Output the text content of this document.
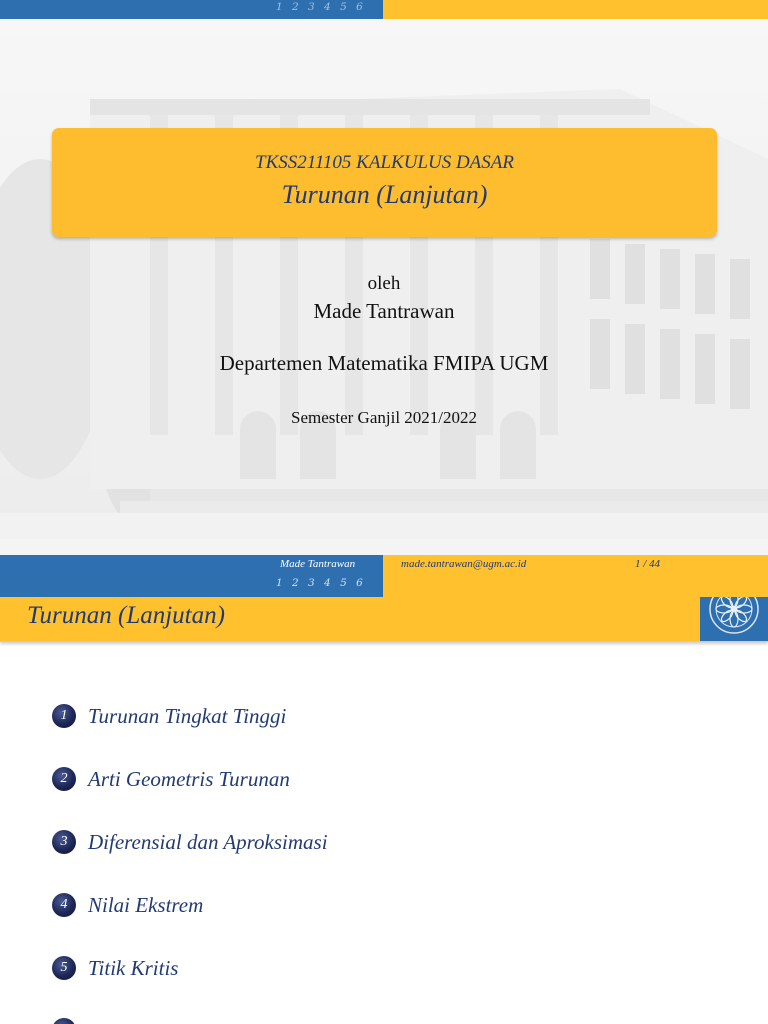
1 2 3 4 5 6
TKSS211105 KALKULUS DASAR
Turunan (Lanjutan)
oleh
Made Tantrawan
Departemen Matematika FMIPA UGM
Semester Ganjil 2021/2022
Made Tantrawan
1 2 3 4 5 6
made.tantrawan@ugm.ac.id	1 / 44
Turunan (Lanjutan)
1 Turunan Tingkat Tinggi
2 Arti Geometris Turunan
3 Diferensial dan Aproksimasi
4 Nilai Ekstrem
5 Titik Kritis
